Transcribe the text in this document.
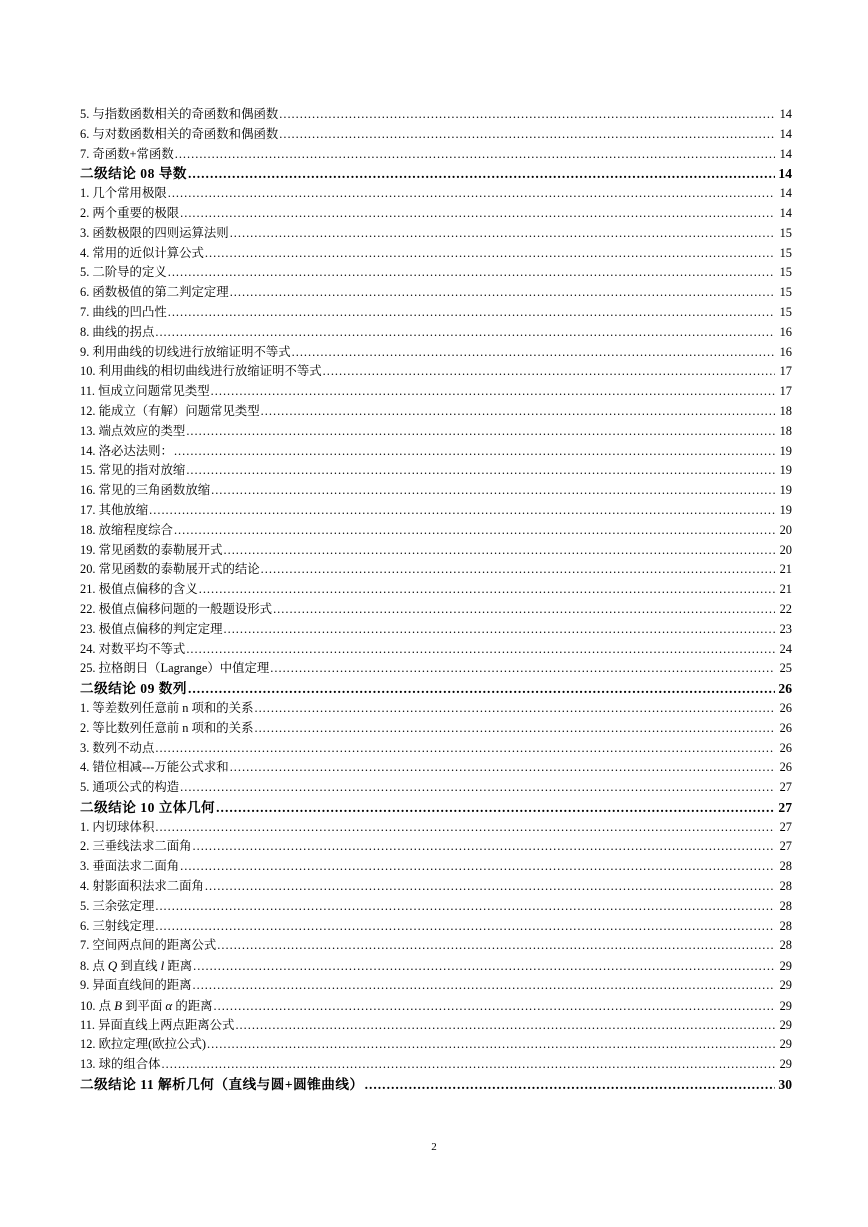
5. 与指数函数相关的奇函数和偶函数 .....	14
6. 与对数函数相关的奇函数和偶函数 .....	14
7. 奇函数+常函数 .....	14
二级结论 08 导数 .....	14
1. 几个常用极限 .....	14
2. 两个重要的极限 .....	14
3. 函数极限的四则运算法则 .....	15
4. 常用的近似计算公式 .....	15
5. 二阶导的定义 .....	15
6. 函数极值的第二判定定理 .....	15
7. 曲线的凹凸性 .....	15
8. 曲线的拐点 .....	16
9. 利用曲线的切线进行放缩证明不等式 .....	16
10. 利用曲线的相切曲线进行放缩证明不等式 .....	17
11. 恒成立问题常见类型 .....	17
12. 能成立（有解）问题常见类型 .....	18
13. 端点效应的类型 .....	18
14. 洛必达法则： .....	19
15. 常见的指对放缩 .....	19
16. 常见的三角函数放缩 .....	19
17. 其他放缩 .....	19
18. 放缩程度综合 .....	20
19. 常见函数的泰勒展开式 .....	20
20. 常见函数的泰勒展开式的结论 .....	21
21. 极值点偏移的含义 .....	21
22. 极值点偏移问题的一般题设形式 .....	22
23. 极值点偏移的判定定理 .....	23
24. 对数平均不等式 .....	24
25. 拉格朗日（Lagrange）中值定理 .....	25
二级结论 09 数列 .....	26
1. 等差数列任意前 n 项和的关系 .....	26
2. 等比数列任意前 n 项和的关系 .....	26
3. 数列不动点 .....	26
4. 错位相减---万能公式求和 .....	26
5. 通项公式的构造 .....	27
二级结论 10 立体几何 .....	27
1. 内切球体积 .....	27
2. 三垂线法求二面角 .....	27
3. 垂面法求二面角 .....	28
4. 射影面积法求二面角 .....	28
5. 三余弦定理 .....	28
6. 三射线定理 .....	28
7. 空间两点间的距离公式 .....	28
8. 点 Q 到直线 l 距离 .....	29
9. 异面直线间的距离 .....	29
10. 点 B 到平面 α 的距离 .....	29
11. 异面直线上两点距离公式 .....	29
12. 欧拉定理(欧拉公式) .....	29
13. 球的组合体 .....	29
二级结论 11 解析几何（直线与圆+圆锥曲线） .....	30
2
